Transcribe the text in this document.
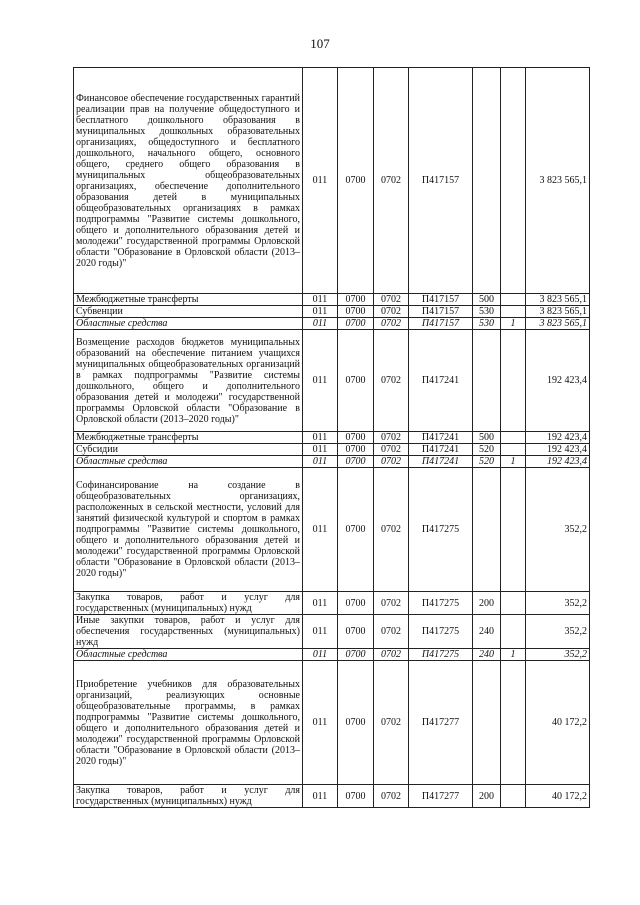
107
Финансовое обеспечение государственных гарантий реализации прав на получение общедоступного и бесплатного дошкольного образования в муниципальных дошкольных образовательных организациях, общедоступного и бесплатного дошкольного, начального общего, основного общего, среднего общего образования в муниципальных общеобразовательных организациях, обеспечение дополнительного образования детей в муниципальных общеобразовательных организациях в рамках подпрограммы "Развитие системы дошкольного, общего и дополнительного образования детей и молодежи" государственной программы Орловской области "Образование в Орловской области (2013–2020 годы)"	011	0700	0702	П417157			3 823 565,1
Межбюджетные трансферты	011	0700	0702	П417157	500		3 823 565,1
Субвенции	011	0700	0702	П417157	530		3 823 565,1
Областные средства	011	0700	0702	П417157	530	1	3 823 565,1
Возмещение расходов бюджетов муниципальных образований на обеспечение питанием учащихся муниципальных общеобразовательных организаций в рамках подпрограммы "Развитие системы дошкольного, общего и дополнительного образования детей и молодежи" государственной программы Орловской области "Образование в Орловской области (2013–2020 годы)"	011	0700	0702	П417241			192 423,4
Межбюджетные трансферты	011	0700	0702	П417241	500		192 423,4
Субсидии	011	0700	0702	П417241	520		192 423,4
Областные средства	011	0700	0702	П417241	520	1	192 423,4
Софинансирование на создание в общеобразовательных организациях, расположенных в сельской местности, условий для занятий физической культурой и спортом в рамках подпрограммы "Развитие системы дошкольного, общего и дополнительного образования детей и молодежи" государственной программы Орловской области "Образование в Орловской области (2013–2020 годы)"	011	0700	0702	П417275			352,2
Закупка товаров, работ и услуг для государственных (муниципальных) нужд	011	0700	0702	П417275	200		352,2
Иные закупки товаров, работ и услуг для обеспечения государственных (муниципальных) нужд	011	0700	0702	П417275	240		352,2
Областные средства	011	0700	0702	П417275	240	1	352,2
Приобретение учебников для образовательных организаций, реализующих основные общеобразовательные программы, в рамках подпрограммы "Развитие системы дошкольного, общего и дополнительного образования детей и молодежи" государственной программы Орловской области "Образование в Орловской области (2013–2020 годы)"	011	0700	0702	П417277			40 172,2
Закупка товаров, работ и услуг для государственных (муниципальных) нужд	011	0700	0702	П417277	200		40 172,2
